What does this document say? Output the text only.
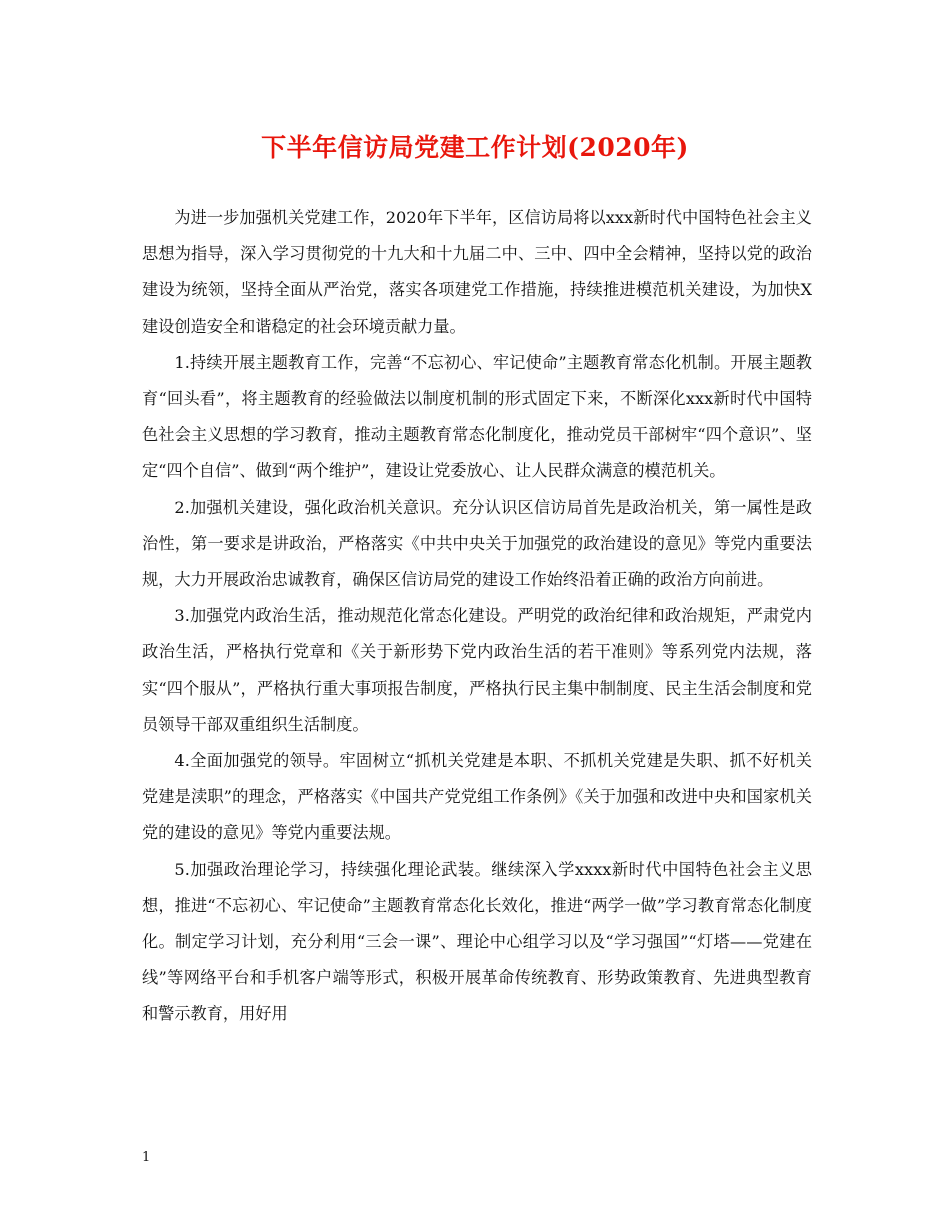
下半年信访局党建工作计划(2020年)

为进一步加强机关党建工作，2020年下半年，区信访局将以xxx新时代中国特色社会主义思想为指导，深入学习贯彻党的十九大和十九届二中、三中、四中全会精神，坚持以党的政治建设为统领，坚持全面从严治党，落实各项建党工作措施，持续推进模范机关建设，为加快X建设创造安全和谐稳定的社会环境贡献力量。

1.持续开展主题教育工作，完善“不忘初心、牢记使命”主题教育常态化机制。开展主题教育“回头看”，将主题教育的经验做法以制度机制的形式固定下来，不断深化xxx新时代中国特色社会主义思想的学习教育，推动主题教育常态化制度化，推动党员干部树牢“四个意识”、坚定“四个自信”、做到“两个维护”，建设让党委放心、让人民群众满意的模范机关。

2.加强机关建设，强化政治机关意识。充分认识区信访局首先是政治机关，第一属性是政治性，第一要求是讲政治，严格落实《中共中央关于加强党的政治建设的意见》等党内重要法规，大力开展政治忠诚教育，确保区信访局党的建设工作始终沿着正确的政治方向前进。

3.加强党内政治生活，推动规范化常态化建设。严明党的政治纪律和政治规矩，严肃党内政治生活，严格执行党章和《关于新形势下党内政治生活的若干准则》等系列党内法规，落实“四个服从”，严格执行重大事项报告制度，严格执行民主集中制制度、民主生活会制度和党员领导干部双重组织生活制度。

4.全面加强党的领导。牢固树立“抓机关党建是本职、不抓机关党建是失职、抓不好机关党建是渎职”的理念，严格落实《中国共产党党组工作条例》《关于加强和改进中央和国家机关党的建设的意见》等党内重要法规。

5.加强政治理论学习，持续强化理论武装。继续深入学xxxx新时代中国特色社会主义思想，推进“不忘初心、牢记使命”主题教育常态化长效化，推进“两学一做”学习教育常态化制度化。制定学习计划，充分利用“三会一课”、理论中心组学习以及“学习强国”“灯塔——党建在线”等网络平台和手机客户端等形式，积极开展革命传统教育、形势政策教育、先进典型教育和警示教育，用好用

1
